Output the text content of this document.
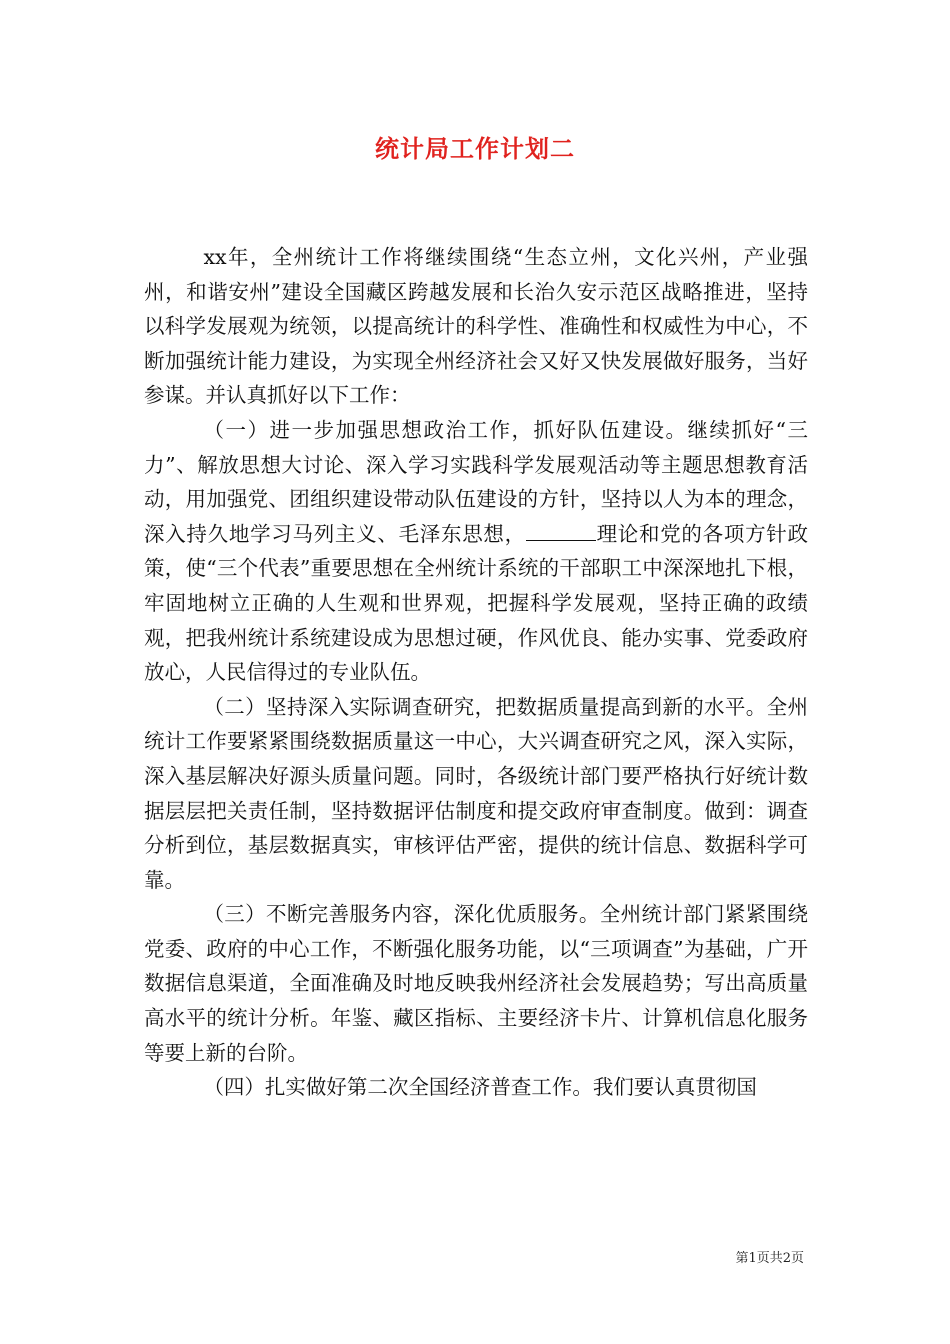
统计局工作计划二

xx年，全州统计工作将继续围绕“生态立州，文化兴州，产业强州，和谐安州”建设全国藏区跨越发展和长治久安示范区战略推进，坚持以科学发展观为统领，以提高统计的科学性、准确性和权威性为中心，不断加强统计能力建设，为实现全州经济社会又好又快发展做好服务，当好参谋。并认真抓好以下工作：

（一）进一步加强思想政治工作，抓好队伍建设。继续抓好“三力”、解放思想大讨论、深入学习实践科学发展观活动等主题思想教育活动，用加强党、团组织建设带动队伍建设的方针，坚持以人为本的理念，深入持久地学习马列主义、毛泽东思想，	理论和党的各项方针政策，使“三个代表”重要思想在全州统计系统的干部职工中深深地扎下根，牢固地树立正确的人生观和世界观，把握科学发展观，坚持正确的政绩观，把我州统计系统建设成为思想过硬，作风优良、能办实事、党委政府放心，人民信得过的专业队伍。

（二）坚持深入实际调查研究，把数据质量提高到新的水平。全州统计工作要紧紧围绕数据质量这一中心，大兴调查研究之风，深入实际，深入基层解决好源头质量问题。同时，各级统计部门要严格执行好统计数据层层把关责任制，坚持数据评估制度和提交政府审查制度。做到：调查分析到位，基层数据真实，审核评估严密，提供的统计信息、数据科学可靠。

（三）不断完善服务内容，深化优质服务。全州统计部门紧紧围绕党委、政府的中心工作，不断强化服务功能，以“三项调查”为基础，广开数据信息渠道，全面准确及时地反映我州经济社会发展趋势；写出高质量高水平的统计分析。年鉴、藏区指标、主要经济卡片、计算机信息化服务等要上新的台阶。

（四）扎实做好第二次全国经济普查工作。我们要认真贯彻国

第1页共2页
